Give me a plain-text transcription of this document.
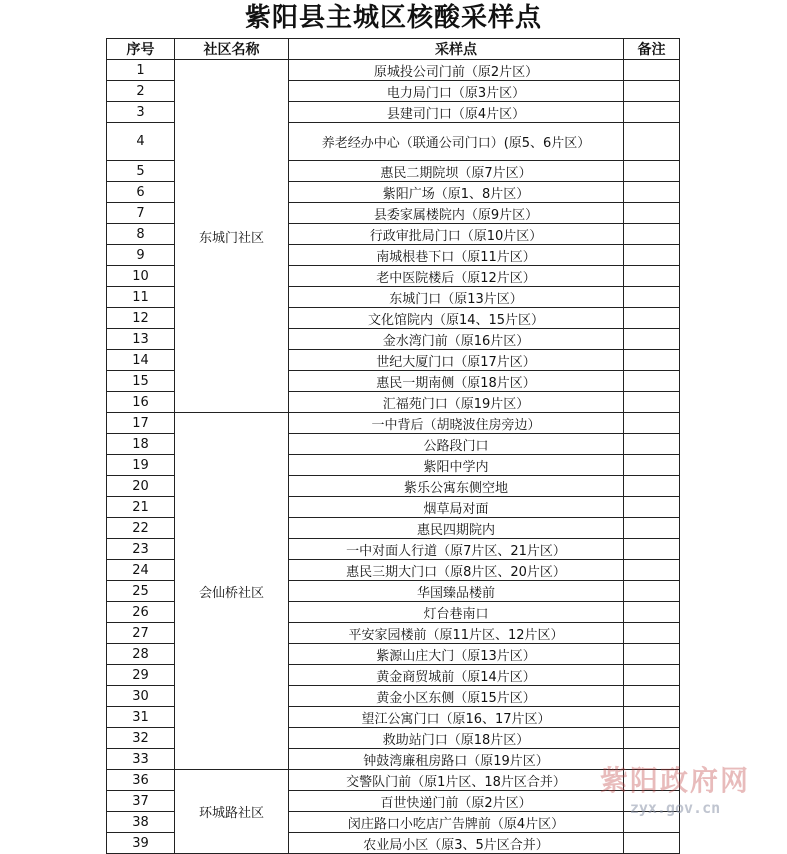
紫阳县主城区核酸采样点
序号	社区名称	采样点	备注
1	东城门社区	原城投公司门前（原2片区）	
2		电力局门口（原3片区）	
3		县建司门口（原4片区）	
4		养老经办中心（联通公司门口）(原5、6片区）	
5		惠民二期院坝（原7片区）	
6		紫阳广场（原1、8片区）	
7		县委家属楼院内（原9片区）	
8		行政审批局门口（原10片区）	
9		南城根巷下口（原11片区）	
10		老中医院楼后（原12片区）	
11		东城门口（原13片区）	
12		文化馆院内（原14、15片区）	
13		金水湾门前（原16片区）	
14		世纪大厦门口（原17片区）	
15		惠民一期南侧（原18片区）	
16		汇福苑门口（原19片区）	
17	会仙桥社区	一中背后（胡晓波住房旁边）	
18		公路段门口	
19		紫阳中学内	
20		紫乐公寓东侧空地	
21		烟草局对面	
22		惠民四期院内	
23		一中对面人行道（原7片区、21片区）	
24		惠民三期大门口（原8片区、20片区）	
25		华国臻品楼前	
26		灯台巷南口	
27		平安家园楼前（原11片区、12片区）	
28		紫源山庄大门（原13片区）	
29		黄金商贸城前（原14片区）	
30		黄金小区东侧（原15片区）	
31		望江公寓门口（原16、17片区）	
32		救助站门口（原18片区）	
33		钟鼓湾廉租房路口（原19片区）	
36	环城路社区	交警队门前（原1片区、18片区合并）	
37		百世快递门前（原2片区）	
38		闵庄路口小吃店广告牌前（原4片区）	
39		农业局小区（原3、5片区合并）	
紫阳政府网
zyx.gov.cn
